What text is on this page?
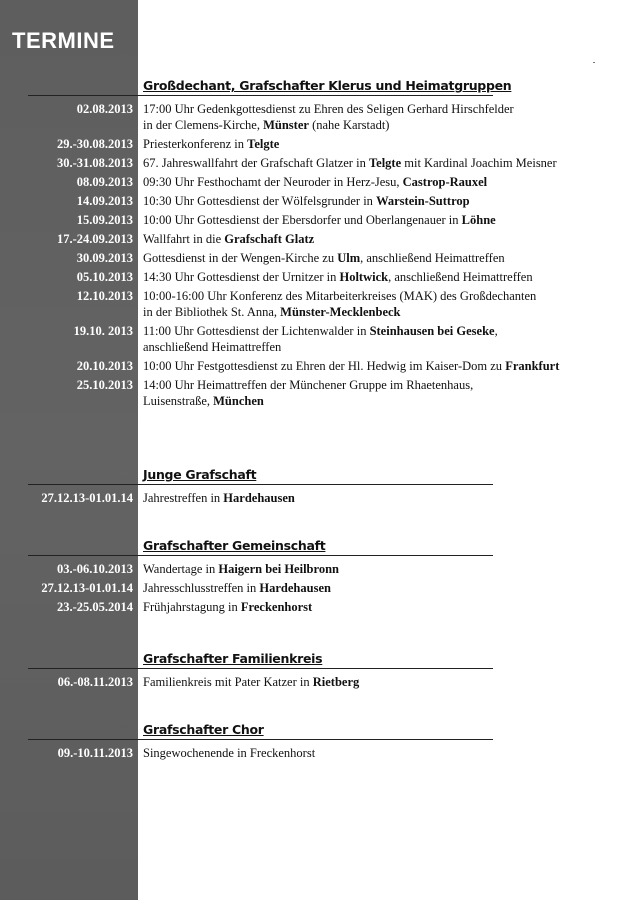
TERMINE
Großdechant, Grafschafter Klerus und Heimatgruppen
02.08.2013 17:00 Uhr Gedenkgottesdienst zu Ehren des Seligen Gerhard Hirschfelder
in der Clemens-Kirche, Münster (nahe Karstadt)
29.-30.08.2013 Priesterkonferenz in Telgte
30.-31.08.2013 67. Jahreswallfahrt der Grafschaft Glatzer in Telgte mit Kardinal Joachim Meisner
08.09.2013 09:30 Uhr Festhochamt der Neuroder in Herz-Jesu, Castrop-Rauxel
14.09.2013 10:30 Uhr Gottesdienst der Wölfelsgrunder in Warstein-Suttrop
15.09.2013 10:00 Uhr Gottesdienst der Ebersdorfer und Oberlangenauer in Löhne
17.-24.09.2013 Wallfahrt in die Grafschaft Glatz
30.09.2013 Gottesdienst in der Wengen-Kirche zu Ulm, anschließend Heimattreffen
05.10.2013 14:30 Uhr Gottesdienst der Urnitzer in Holtwick, anschließend Heimattreffen
12.10.2013 10:00-16:00 Uhr Konferenz des Mitarbeiterkreises (MAK) des Großdechanten
in der Bibliothek St. Anna, Münster-Mecklenbeck
19.10. 2013 11:00 Uhr Gottesdienst der Lichtenwalder in Steinhausen bei Geseke,
anschließend Heimattreffen
20.10.2013 10:00 Uhr Festgottesdienst zu Ehren der Hl. Hedwig im Kaiser-Dom zu Frankfurt
25.10.2013 14:00 Uhr Heimattreffen der Münchener Gruppe im Rhaetenhaus,
Luisenstraße, München
Junge Grafschaft
27.12.13-01.01.14 Jahrestreffen in Hardehausen
Grafschafter Gemeinschaft
03.-06.10.2013 Wandertage in Haigern bei Heilbronn
27.12.13-01.01.14 Jahresschlusstreffen in Hardehausen
23.-25.05.2014 Frühjahrstagung in Freckenhorst
Grafschafter Familienkreis
06.-08.11.2013 Familienkreis mit Pater Katzer in Rietberg
Grafschafter Chor
09.-10.11.2013 Singewochenende in Freckenhorst
